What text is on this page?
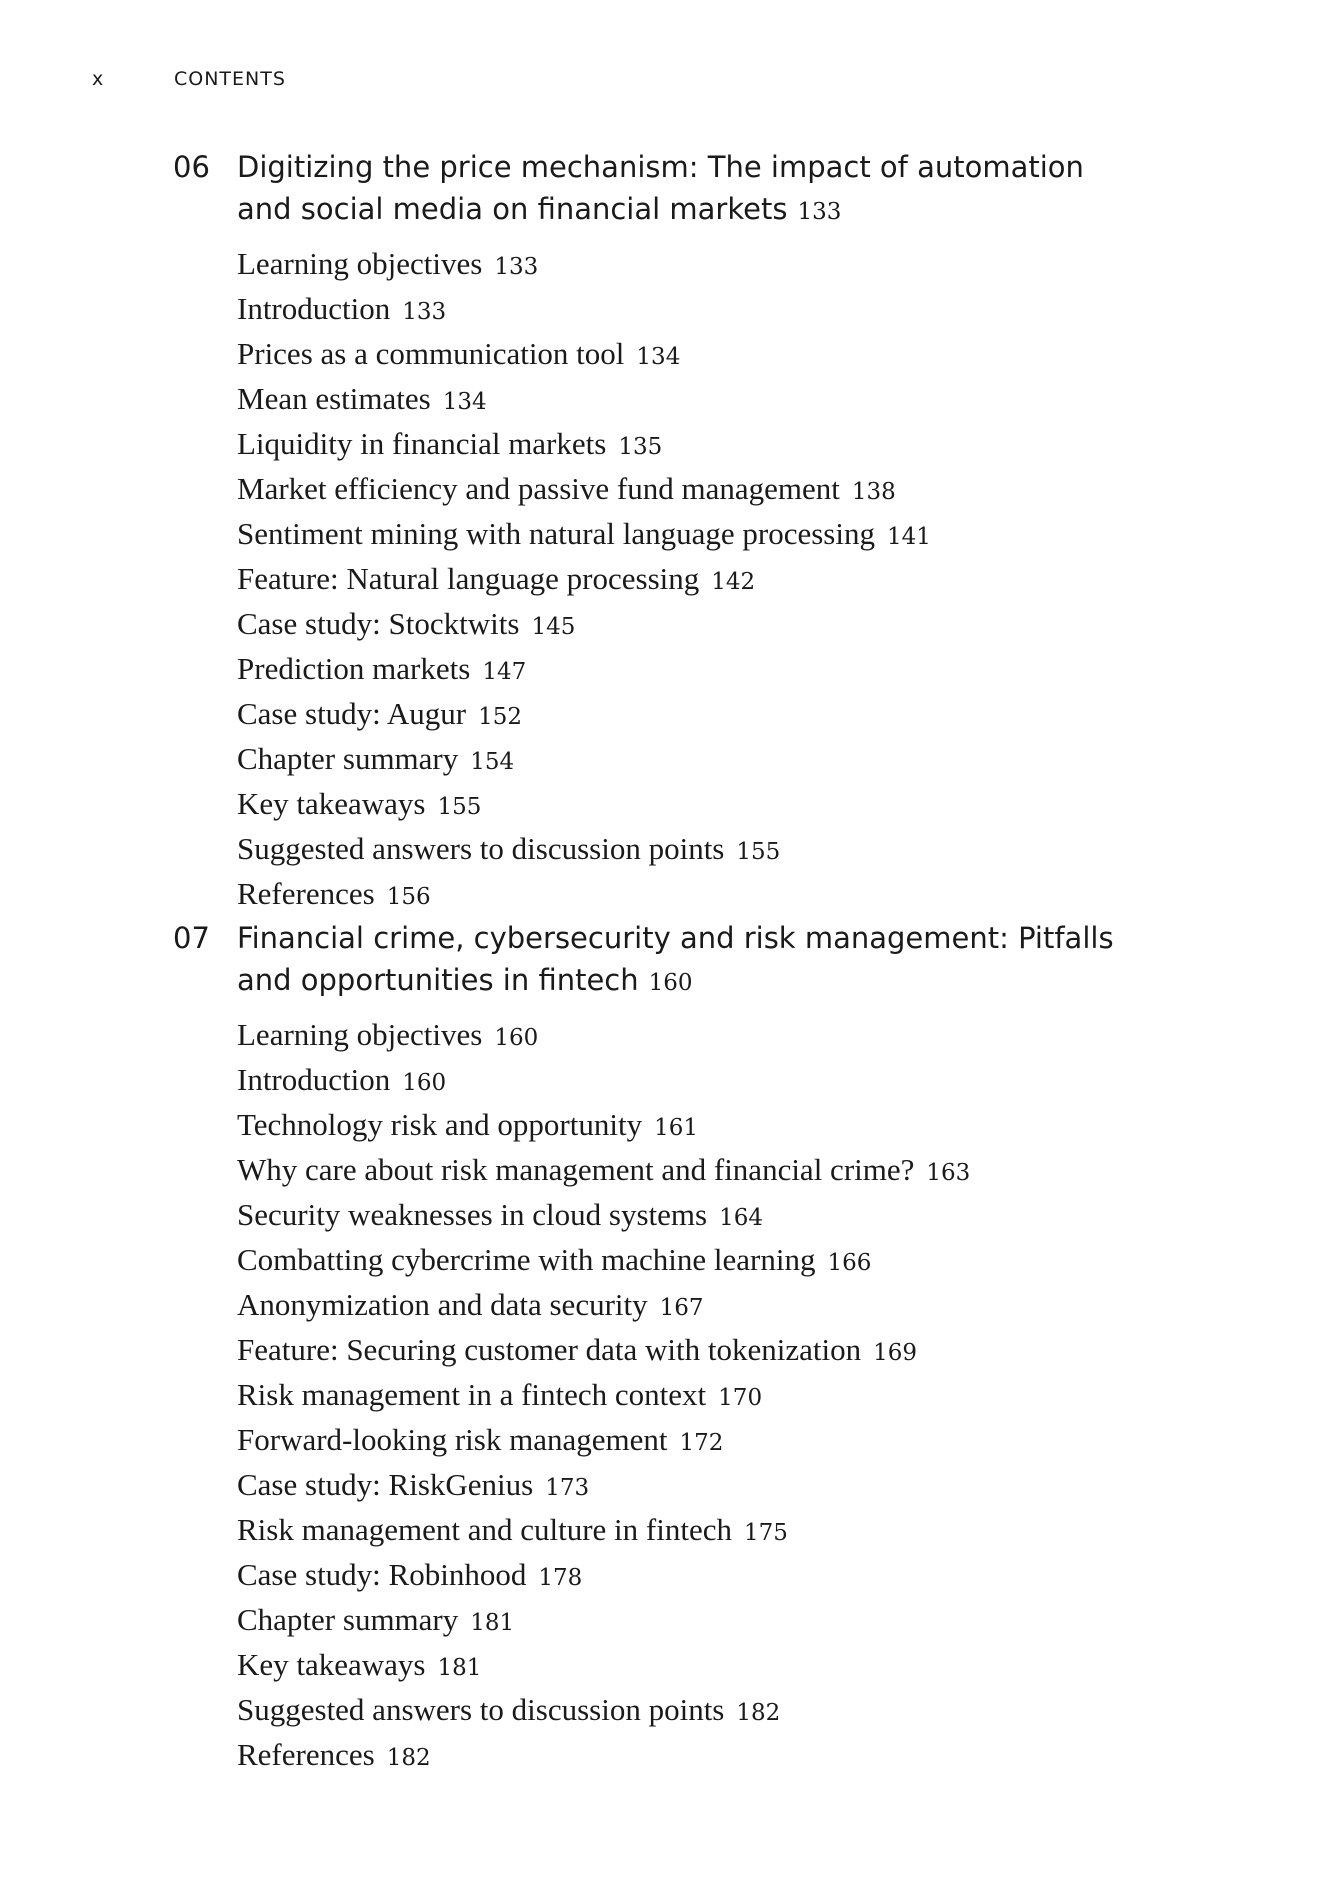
x	CONTENTS
06 Digitizing the price mechanism: The impact of automation and social media on financial markets 133
Learning objectives 133
Introduction 133
Prices as a communication tool 134
Mean estimates 134
Liquidity in financial markets 135
Market efficiency and passive fund management 138
Sentiment mining with natural language processing 141
Feature: Natural language processing 142
Case study: Stocktwits 145
Prediction markets 147
Case study: Augur 152
Chapter summary 154
Key takeaways 155
Suggested answers to discussion points 155
References 156
07 Financial crime, cybersecurity and risk management: Pitfalls and opportunities in fintech 160
Learning objectives 160
Introduction 160
Technology risk and opportunity 161
Why care about risk management and financial crime? 163
Security weaknesses in cloud systems 164
Combatting cybercrime with machine learning 166
Anonymization and data security 167
Feature: Securing customer data with tokenization 169
Risk management in a fintech context 170
Forward-looking risk management 172
Case study: RiskGenius 173
Risk management and culture in fintech 175
Case study: Robinhood 178
Chapter summary 181
Key takeaways 181
Suggested answers to discussion points 182
References 182
